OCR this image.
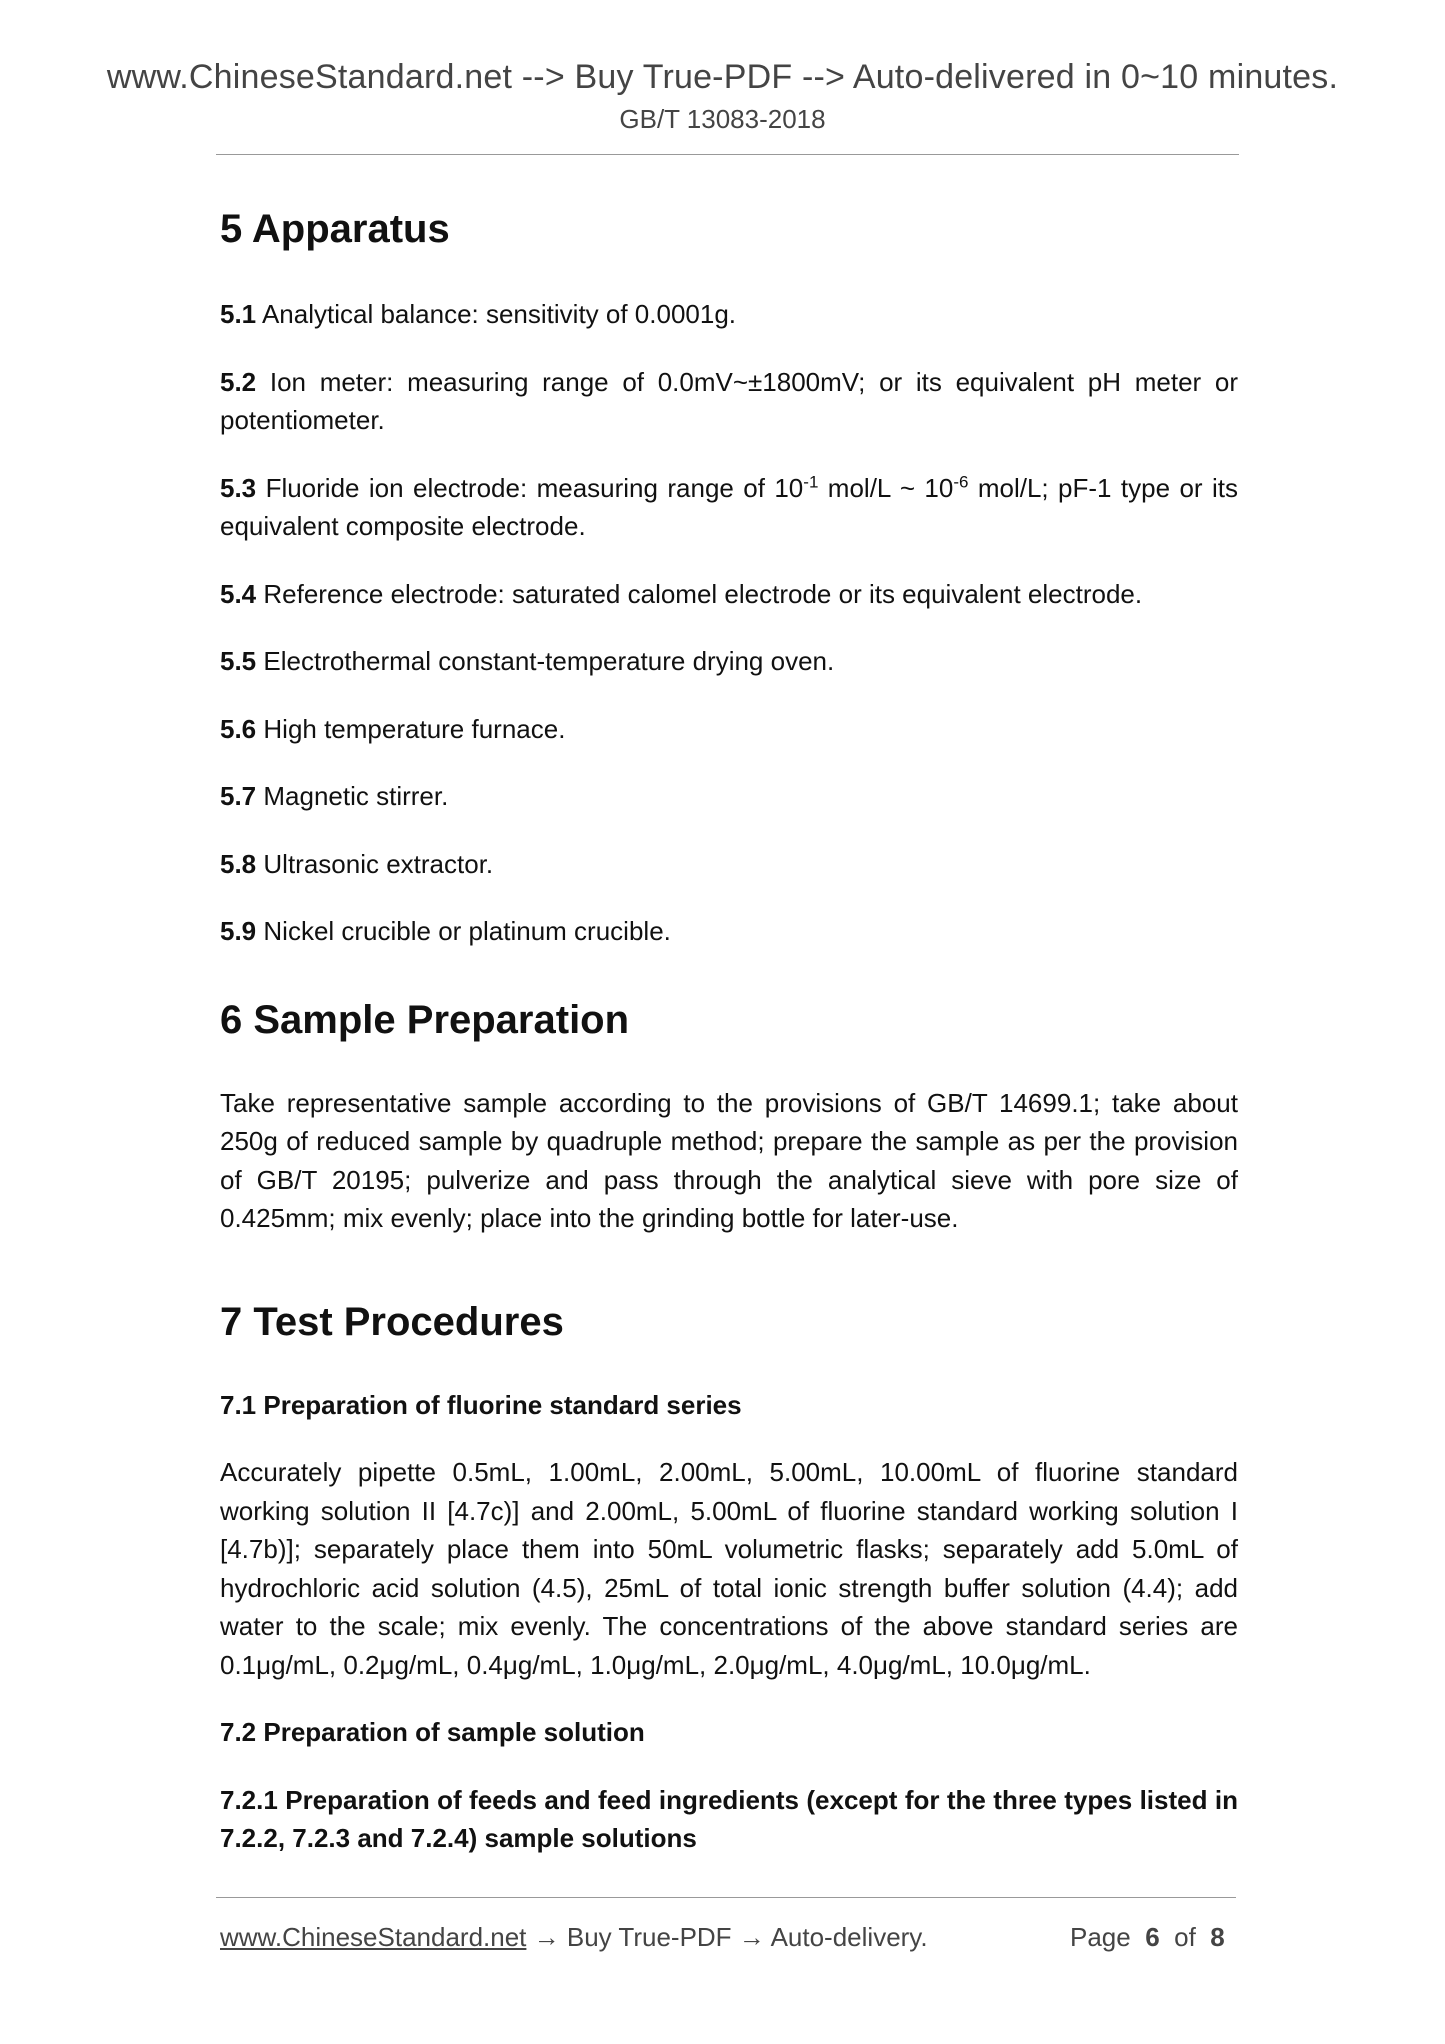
www.ChineseStandard.net --> Buy True-PDF --> Auto-delivered in 0~10 minutes.
GB/T 13083-2018
5 Apparatus

5.1 Analytical balance: sensitivity of 0.0001g.

5.2 Ion meter: measuring range of 0.0mV~±1800mV; or its equivalent pH meter or potentiometer.

5.3 Fluoride ion electrode: measuring range of $10^{-1}$ mol/L ~ $10^{-6}$ mol/L; pF-1 type or its equivalent composite electrode.

5.4 Reference electrode: saturated calomel electrode or its equivalent electrode.

5.5 Electrothermal constant-temperature drying oven.

5.6 High temperature furnace.

5.7 Magnetic stirrer.

5.8 Ultrasonic extractor.

5.9 Nickel crucible or platinum crucible.

6 Sample Preparation

Take representative sample according to the provisions of GB/T 14699.1; take about 250g of reduced sample by quadruple method; prepare the sample as per the provision of GB/T 20195; pulverize and pass through the analytical sieve with pore size of 0.425mm; mix evenly; place into the grinding bottle for later-use.

7 Test Procedures

7.1 Preparation of fluorine standard series

Accurately pipette 0.5mL, 1.00mL, 2.00mL, 5.00mL, 10.00mL of fluorine standard working solution II [4.7c)] and 2.00mL, 5.00mL of fluorine standard working solution I [4.7b)]; separately place them into 50mL volumetric flasks; separately add 5.0mL of hydrochloric acid solution (4.5), 25mL of total ionic strength buffer solution (4.4); add water to the scale; mix evenly. The concentrations of the above standard series are 0.1μg/mL, 0.2μg/mL, 0.4μg/mL, 1.0μg/mL, 2.0μg/mL, 4.0μg/mL, 10.0μg/mL.

7.2 Preparation of sample solution

7.2.1 Preparation of feeds and feed ingredients (except for the three types listed in 7.2.2, 7.2.3 and 7.2.4) sample solutions

www.ChineseStandard.net → Buy True-PDF → Auto-delivery.	Page 6 of 8
